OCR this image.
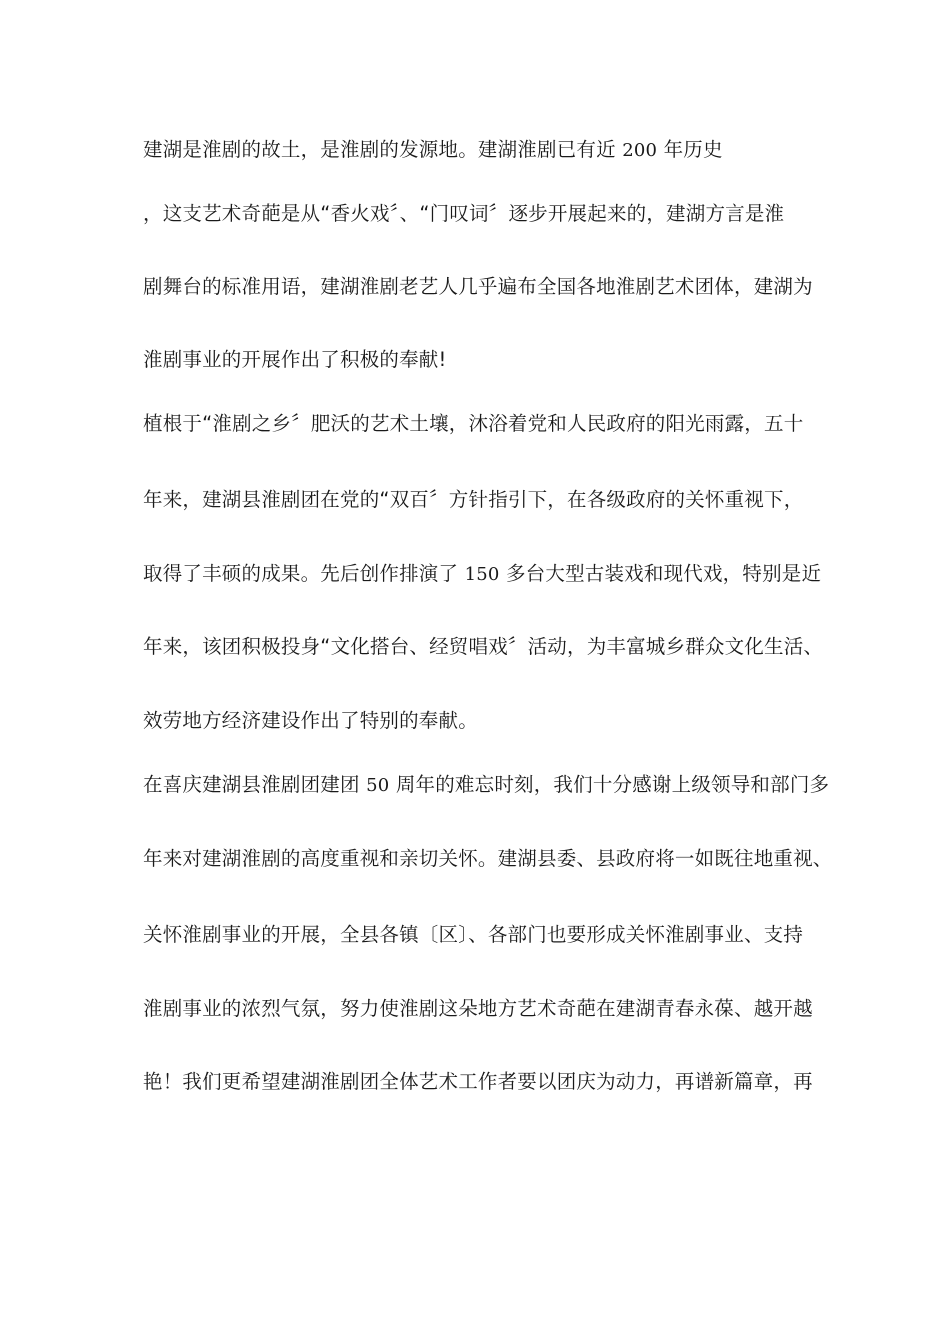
建湖是淮剧的故土，是淮剧的发源地。建湖淮剧已有近 200 年历史
，这支艺术奇葩是从“香火戏〞、“门叹词〞逐步开展起来的，建湖方言是淮
剧舞台的标准用语，建湖淮剧老艺人几乎遍布全国各地淮剧艺术团体，建湖为
淮剧事业的开展作出了积极的奉献!
植根于“淮剧之乡〞肥沃的艺术土壤，沐浴着党和人民政府的阳光雨露，五十
年来，建湖县淮剧团在党的“双百〞方针指引下，在各级政府的关怀重视下，
取得了丰硕的成果。先后创作排演了 150 多台大型古装戏和现代戏，特别是近
年来，该团积极投身“文化搭台、经贸唱戏〞活动，为丰富城乡群众文化生活、
效劳地方经济建设作出了特别的奉献。
在喜庆建湖县淮剧团建团 50 周年的难忘时刻，我们十分感谢上级领导和部门多
年来对建湖淮剧的高度重视和亲切关怀。建湖县委、县政府将一如既往地重视、
关怀淮剧事业的开展，全县各镇〔区〕、各部门也要形成关怀淮剧事业、支持
淮剧事业的浓烈气氛，努力使淮剧这朵地方艺术奇葩在建湖青春永葆、越开越
艳！我们更希望建湖淮剧团全体艺术工作者要以团庆为动力，再谱新篇章，再
